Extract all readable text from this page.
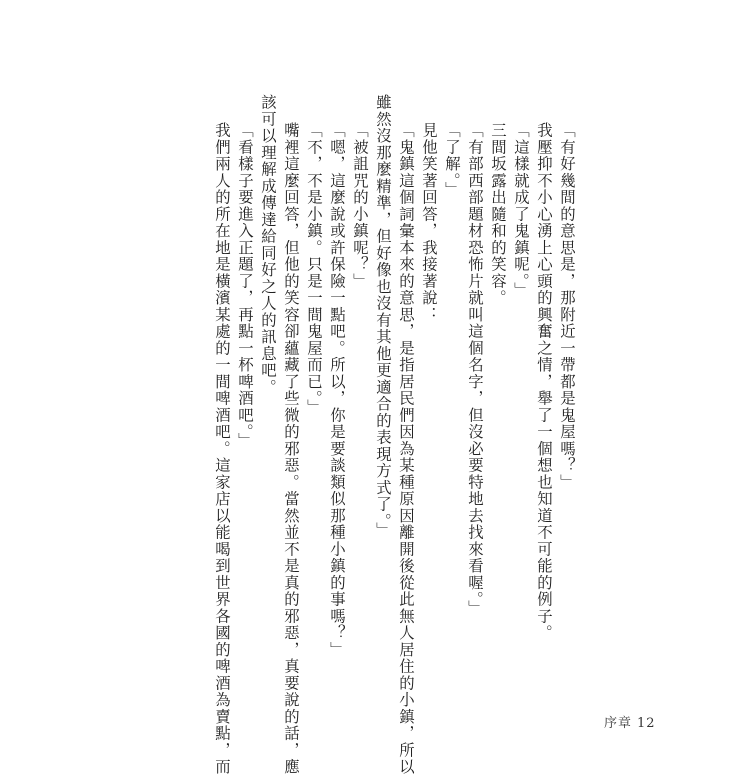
「有好幾間的意思是，那附近一帶都是鬼屋嗎？」
我壓抑不小心湧上心頭的興奮之情，舉了一個想也知道不可能的例子。
「這樣就成了鬼鎮呢。」
三間坂露出隨和的笑容。
「有部西部題材恐怖片就叫這個名字，但沒必要特地去找來看喔。」
「了解。」
見他笑著回答，我接著說：
「鬼鎮這個詞彙本來的意思，是指居民們因為某種原因離開後從此無人居住的小鎮，所以
雖然沒那麼精準，但好像也沒有其他更適合的表現方式了。」
「被詛咒的小鎮呢？」
「嗯，這麼說或許保險一點吧。所以，你是要談類似那種小鎮的事嗎？」
「不，不是小鎮。只是一間鬼屋而已。」
嘴裡這麼回答，但他的笑容卻蘊藏了些微的邪惡。當然並不是真的邪惡，真要說的話，應
該可以理解成傳達給同好之人的訊息吧。
「看樣子要進入正題了，再點一杯啤酒吧。」
我們兩人的所在地是橫濱某處的一間啤酒吧。這家店以能喝到世界各國的啤酒為賣點，而	序章 12
